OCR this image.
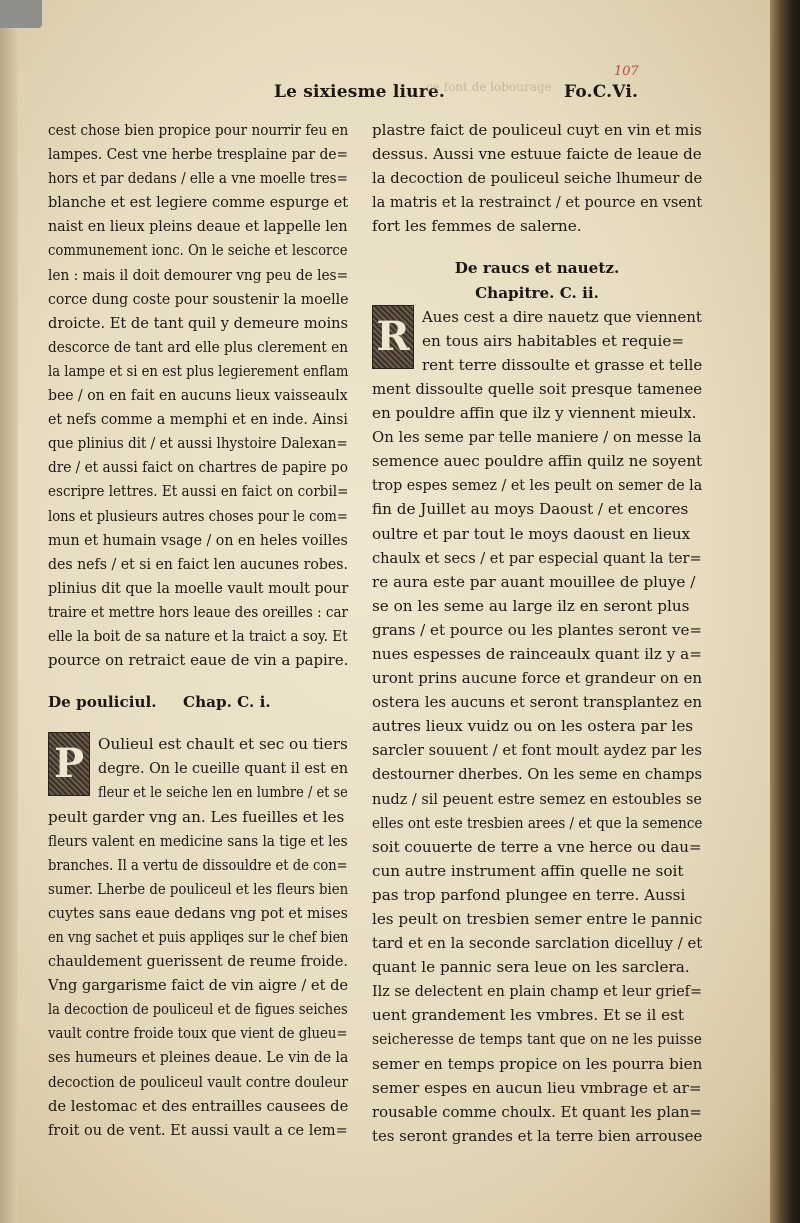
107
Le sixiesme liure.	Fo.C.Vi.
ce font de lobourage
cest chose bien propice pour nourrir feu en
lampes. Cest vne herbe tresplaine par de=
hors et par dedans / elle a vne moelle tres=
blanche et est legiere comme espurge et
naist en lieux pleins deaue et lappelle len
communement ionc. On le seiche et lescorce
len : mais il doit demourer vng peu de les=
corce dung coste pour soustenir la moelle
droicte. Et de tant quil y demeure moins
descorce de tant ard elle plus clerement en
la lampe et si en est plus legierement enflam
bee / on en fait en aucuns lieux vaisseaulx
et nefs comme a memphi et en inde. Ainsi
que plinius dit / et aussi lhystoire Dalexan=
dre / et aussi faict on chartres de papire po
escripre lettres. Et aussi en faict on corbil=
lons et plusieurs autres choses pour le com=
mun et humain vsage / on en heles voilles
des nefs / et si en faict len aucunes robes.
plinius dit que la moelle vault moult pour
traire et mettre hors leaue des oreilles : car
elle la boit de sa nature et la traict a soy. Et
pource on retraict eaue de vin a papire.
De pouliciul. Chap. C. i.
P Oulieul est chault et sec ou tiers
degre. On le cueille quant il est en
fleur et le seiche len en lumbre / et se
peult garder vng an. Les fueilles et les
fleurs valent en medicine sans la tige et les
branches. Il a vertu de dissouldre et de con=
sumer. Lherbe de pouliceul et les fleurs bien
cuytes sans eaue dedans vng pot et mises
en vng sachet et puis appliqes sur le chef bien
chauldement guerissent de reume froide.
Vng gargarisme faict de vin aigre / et de
la decoction de pouliceul et de figues seiches
vault contre froide toux que vient de glueu=
ses humeurs et pleines deaue. Le vin de la
decoction de pouliceul vault contre douleur
de lestomac et des entrailles causees de
froit ou de vent. Et aussi vault a ce lem=
plastre faict de pouliceul cuyt en vin et mis
dessus. Aussi vne estuue faicte de leaue de
la decoction de pouliceul seiche lhumeur de
la matris et la restrainct / et pource en vsent
fort les femmes de salerne.
De raucs et nauetz.
Chapitre. C. ii.
R Aues cest a dire nauetz que viennent
en tous airs habitables et requie=
rent terre dissoulte et grasse et telle
ment dissoulte quelle soit presque tamenee
en pouldre affin que ilz y viennent mieulx.
On les seme par telle maniere / on messe la
semence auec pouldre affin quilz ne soyent
trop espes semez / et les peult on semer de la
fin de Juillet au moys Daoust / et encores
oultre et par tout le moys daoust en lieux
chaulx et secs / et par especial quant la ter=
re aura este par auant mouillee de pluye /
se on les seme au large ilz en seront plus
grans / et pource ou les plantes seront ve=
nues espesses de rainceaulx quant ilz y a=
uront prins aucune force et grandeur on en
ostera les aucuns et seront transplantez en
autres lieux vuidz ou on les ostera par les
sarcler souuent / et font moult aydez par les
destourner dherbes. On les seme en champs
nudz / sil peuent estre semez en estoubles se
elles ont este tresbien arees / et que la semence
soit couuerte de terre a vne herce ou dau=
cun autre instrument affin quelle ne soit
pas trop parfond plungee en terre. Aussi
les peult on tresbien semer entre le pannic
tard et en la seconde sarclation dicelluy / et
quant le pannic sera leue on les sarclera.
Ilz se delectent en plain champ et leur grief=
uent grandement les vmbres. Et se il est
seicheresse de temps tant que on ne les puisse
semer en temps propice on les pourra bien
semer espes en aucun lieu vmbrage et ar=
rousable comme choulx. Et quant les plan=
tes seront grandes et la terre bien arrousee
